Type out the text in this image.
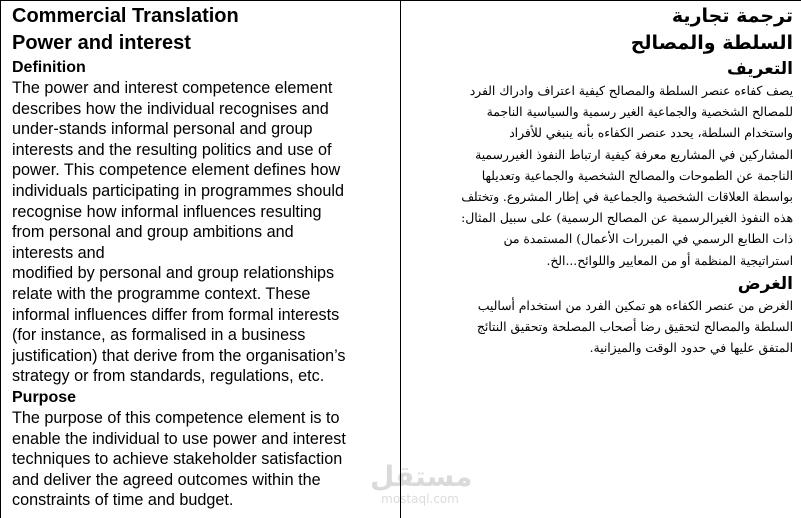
Commercial Translation

Power and interest

Definition

The power and interest competence element
describes how the individual recognises and
under-stands informal personal and group
interests and the resulting politics and use of
power. This competence element defines how
individuals participating in programmes should
recognise how informal influences resulting
from personal and group ambitions and
interests and
modified by personal and group relationships
relate with the programme context. These
informal influences differ from formal interests
(for instance, as formalised in a business
justification) that derive from the organisation’s
strategy or from standards, regulations, etc.

Purpose

The purpose of this competence element is to
enable the individual to use power and interest
techniques to achieve stakeholder satisfaction
and deliver the agreed outcomes within the
constraints of time and budget.

ترجمة تجارية

السلطة والمصالح

التعريف

يصف كفاءه عنصر السلطة والمصالح كيفية اعتراف وادراك الفرد
للمصالح الشخصية والجماعية الغير رسمية والسياسية الناجمة
واستخدام السلطة، يحدد عنصر الكفاءه بأنه ينبغي للأفراد
المشاركين في المشاريع معرفة كيفية ارتباط النفوذ الغيررسمية
الناجمة عن الطموحات والمصالح الشخصية والجماعية وتعديلها
بواسطة العلاقات الشخصية والجماعية في إطار المشروع. وتختلف
هذه النفوذ الغيرالرسمية عن المصالح الرسمية) على سبيل المثال:
ذات الطابع الرسمي في المبررات الأعمال) المستمدة من
استراتيجية المنظمة أو من المعايير واللوائح...الخ.

الغرض

الغرض من عنصر الكفاءه هو تمكين الفرد من استخدام أساليب
السلطة والمصالح لتحقيق رضا أصحاب المصلحة وتحقيق النتائج
المتفق عليها في حدود الوقت والميزانية.

مستقل
mostaql.com
